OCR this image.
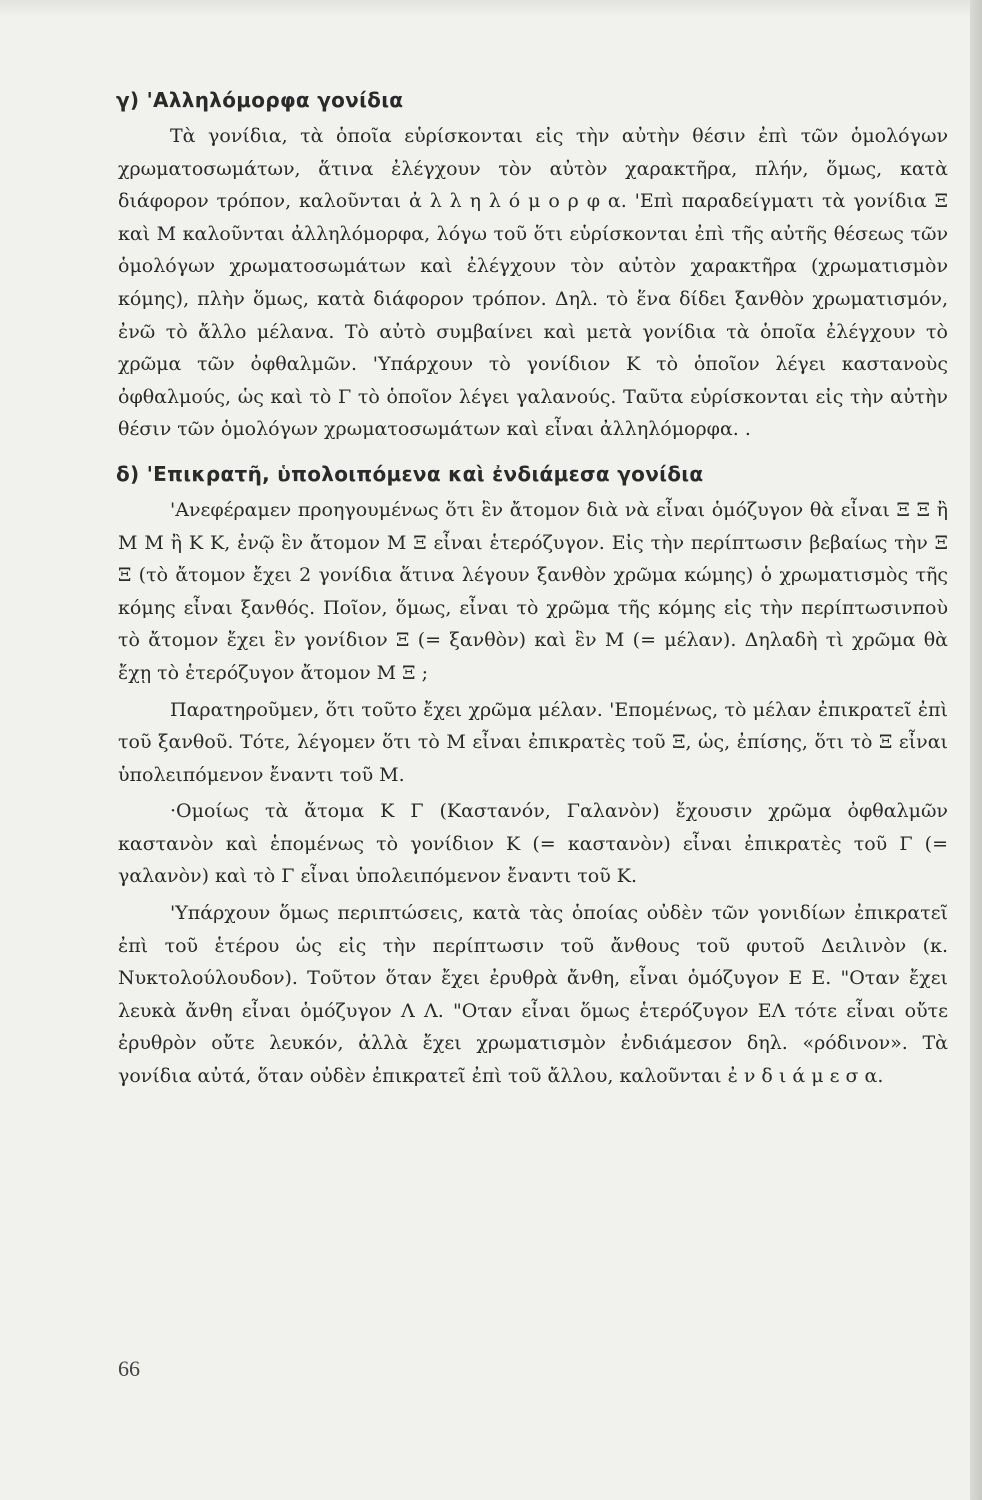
γ) 'Αλληλόμορφα γονίδια

Τὰ γονίδια, τὰ ὁποῖα εὑρίσκονται εἰς τὴν αὐτὴν θέσιν ἐπὶ τῶν ὁμολόγων χρωματοσωμάτων, ἅτινα ἐλέγχουν τὸν αὐτὸν χαρακτῆρα, πλήν, ὅμως, κατὰ διάφορον τρόπον, καλοῦνται ἀ λ λ η λ ό μ ο ρ φ α. 'Επὶ παραδείγματι τὰ γονίδια Ξ καὶ Μ καλοῦνται ἀλληλόμορφα, λόγω τοῦ ὅτι εὑρίσκονται ἐπὶ τῆς αὐτῆς θέσεως τῶν ὁμολόγων χρωματοσωμάτων καὶ ἐλέγχουν τὸν αὐτὸν χαρακτῆρα (χρωματισμὸν κόμης), πλὴν ὅμως, κατὰ διάφορον τρόπον. Δηλ. τὸ ἕνα δίδει ξανθὸν χρωματισμόν, ἐνῶ τὸ ἄλλο μέλανα. Τὸ αὐτὸ συμβαίνει καὶ μετὰ γονίδια τὰ ὁποῖα ἐλέγχουν τὸ χρῶμα τῶν ὀφθαλμῶν. 'Υπάρχουν τὸ γονίδιον Κ τὸ ὁποῖον λέγει καστανοὺς ὀφθαλμούς, ὡς καὶ τὸ Γ τὸ ὁποῖον λέγει γαλανούς. Ταῦτα εὑρίσκονται εἰς τὴν αὐτὴν θέσιν τῶν ὁμολόγων χρωματοσωμάτων καὶ εἶναι ἀλληλόμορφα. .

δ) 'Επικρατῆ, ὑπολοιπόμενα καὶ ἐνδιάμεσα γονίδια

'Ανεφέραμεν προηγουμένως ὅτι ἓν ἄτομον διὰ νὰ εἶναι ὁμόζυγον θὰ εἶναι Ξ Ξ ἢ Μ Μ ἢ Κ Κ, ἐνῷ ἓν ἄτομον Μ Ξ εἶναι ἑτερόζυγον. Εἰς τὴν περίπτωσιν βεβαίως τὴν Ξ Ξ (τὸ ἄτομον ἔχει 2 γονίδια ἅτινα λέγουν ξανθὸν χρῶμα κώμης) ὁ χρωματισμὸς τῆς κόμης εἶναι ξανθός. Ποῖον, ὅμως, εἶναι τὸ χρῶμα τῆς κόμης εἰς τὴν περίπτωσινποὺ τὸ ἄτομον ἔχει ἓν γονίδιον Ξ (= ξανθὸν) καὶ ἓν Μ (= μέλαν). Δηλαδὴ τὶ χρῶμα θὰ ἔχῃ τὸ ἑτερόζυγον ἄτομον Μ Ξ ;

Παρατηροῦμεν, ὅτι τοῦτο ἔχει χρῶμα μέλαν. 'Επομένως, τὸ μέλαν ἐπικρατεῖ ἐπὶ τοῦ ξανθοῦ. Τότε, λέγομεν ὅτι τὸ Μ εἶναι ἐπικρατὲς τοῦ Ξ, ὡς, ἐπίσης, ὅτι τὸ Ξ εἶναι ὑπολειπόμενον ἔναντι τοῦ Μ.

·Ομοίως τὰ ἄτομα Κ Γ (Καστανόν, Γαλανὸν) ἔχουσιν χρῶμα ὀφθαλμῶν καστανὸν καὶ ἑπομένως τὸ γονίδιον Κ (= καστανὸν) εἶναι ἐπικρατὲς τοῦ Γ (= γαλανὸν) καὶ τὸ Γ εἶναι ὑπολειπόμενον ἔναντι τοῦ Κ.

'Υπάρχουν ὅμως περιπτώσεις, κατὰ τὰς ὁποίας οὐδὲν τῶν γονιδίων ἐπικρατεῖ ἐπὶ τοῦ ἑτέρου ὡς εἰς τὴν περίπτωσιν τοῦ ἄνθους τοῦ φυτοῦ Δειλινὸν (κ. Νυκτολούλουδον). Τοῦτον ὅταν ἔχει ἐρυθρὰ ἄνθη, εἶναι ὁμόζυγον Ε Ε. "Οταν ἔχει λευκὰ ἄνθη εἶναι ὁμόζυγον Λ Λ. "Οταν εἶναι ὅμως ἑτερόζυγον ΕΛ τότε εἶναι οὔτε ἐρυθρὸν οὔτε λευκόν, ἀλλὰ ἔχει χρωματισμὸν ἐνδιάμεσον δηλ. «ρόδινον». Τὰ γονίδια αὐτά, ὅταν οὐδὲν ἐπικρατεῖ ἐπὶ τοῦ ἄλλου, καλοῦνται ἐ ν δ ι ά μ ε σ α.

66
